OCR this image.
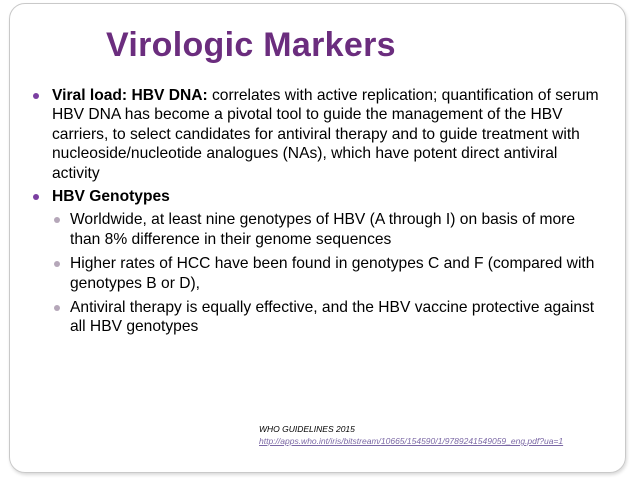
Virologic Markers
Viral load: HBV DNA: correlates with active replication; quantification of serum HBV DNA has become a pivotal tool to guide the management of the HBV carriers, to select candidates for antiviral therapy and to guide treatment with nucleoside/nucleotide analogues (NAs), which have potent direct antiviral activity
HBV Genotypes
Worldwide, at least nine genotypes of HBV (A through I) on basis of more than 8% difference in their genome sequences
Higher rates of HCC have been found in genotypes C and F (compared with genotypes B or D),
Antiviral therapy is equally effective, and the HBV vaccine protective against all HBV genotypes
WHO GUIDELINES 2015
http://apps.who.int/iris/bitstream/10665/154590/1/9789241549059_eng.pdf?ua=1
